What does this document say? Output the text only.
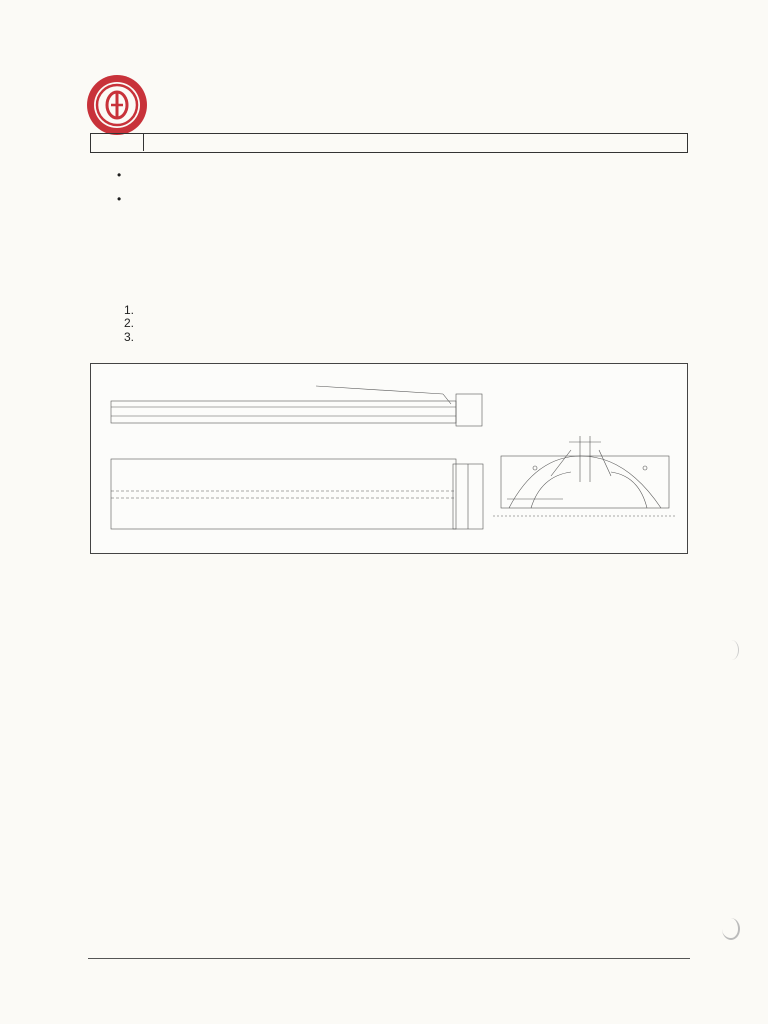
•
•
1.
2.
3.
